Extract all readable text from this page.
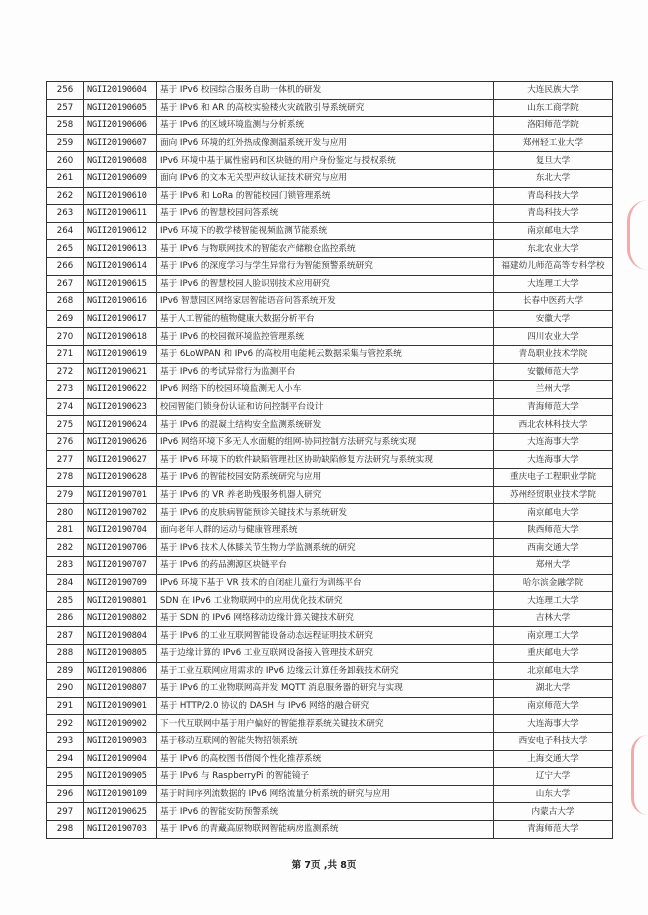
256	NGII20190604	基于 IPv6 校园综合服务自助一体机的研发	大连民族大学
257	NGII20190605	基于 IPv6 和 AR 的高校实验楼火灾疏散引导系统研究	山东工商学院
258	NGII20190606	基于 IPv6 的区域环境监测与分析系统	洛阳师范学院
259	NGII20190607	面向 IPv6 环境的红外热成像测温系统开发与应用	郑州轻工业大学
260	NGII20190608	IPv6 环境中基于属性密码和区块链的用户身份鉴定与授权系统	复旦大学
261	NGII20190609	面向 IPv6 的文本无关型声纹认证技术研究与应用	东北大学
262	NGII20190610	基于 IPv6 和 LoRa 的智能校园门锁管理系统	青岛科技大学
263	NGII20190611	基于 IPv6 的智慧校园问答系统	青岛科技大学
264	NGII20190612	IPv6 环境下的教学楼智能视频监测节能系统	南京邮电大学
265	NGII20190613	基于 IPv6 与物联网技术的智能农产储粮仓监控系统	东北农业大学
266	NGII20190614	基于 IPv6 的深度学习与学生异常行为智能预警系统研究	福建幼儿师范高等专科学校
267	NGII20190615	基于 IPv6 的智慧校园人脸识别技术应用研究	大连理工大学
268	NGII20190616	IPv6 智慧园区网络家居智能语音问答系统开发	长春中医药大学
269	NGII20190617	基于人工智能的植物健康大数据分析平台	安徽大学
270	NGII20190618	基于 IPv6 的校园微环境监控管理系统	四川农业大学
271	NGII20190619	基于 6LoWPAN 和 IPv6 的高校用电能耗云数据采集与管控系统	青岛职业技术学院
272	NGII20190621	基于 IPv6 的考试异常行为监测平台	安徽师范大学
273	NGII20190622	IPv6 网络下的校园环境监测无人小车	兰州大学
274	NGII20190623	校园智能门锁身份认证和访问控制平台设计	青海师范大学
275	NGII20190624	基于 IPv6 的混凝土结构安全监测系统研发	西北农林科技大学
276	NGII20190626	IPv6 网络环境下多无人水面艇的组网-协同控制方法研究与系统实现	大连海事大学
277	NGII20190627	基于 IPv6 环境下的软件缺陷管理社区协助缺陷修复方法研究与系统实现	大连海事大学
278	NGII20190628	基于 IPv6 的智能校园安防系统研究与应用	重庆电子工程职业学院
279	NGII20190701	基于 IPv6 的 VR 养老助残服务机器人研究	苏州经贸职业技术学院
280	NGII20190702	基于 IPv6 的皮肤病智能预诊关键技术与系统研发	南京邮电大学
281	NGII20190704	面向老年人群的运动与健康管理系统	陕西师范大学
282	NGII20190706	基于 IPv6 技术人体膝关节生物力学监测系统的研究	西南交通大学
283	NGII20190707	基于 IPv6 的药品溯源区块链平台	郑州大学
284	NGII20190709	IPv6 环境下基于 VR 技术的自闭症儿童行为训练平台	哈尔滨金融学院
285	NGII20190801	SDN 在 IPv6 工业物联网中的应用优化技术研究	大连理工大学
286	NGII20190802	基于 SDN 的 IPv6 网络移动边缘计算关键技术研究	吉林大学
287	NGII20190804	基于 IPv6 的工业互联网智能设备动态远程证明技术研究	南京理工大学
288	NGII20190805	基于边缘计算的 IPv6 工业互联网设备接入管理技术研究	重庆邮电大学
289	NGII20190806	基于工业互联网应用需求的 IPv6 边缘云计算任务卸载技术研究	北京邮电大学
290	NGII20190807	基于 IPv6 的工业物联网高并发 MQTT 消息服务器的研究与实现	湖北大学
291	NGII20190901	基于 HTTP/2.0 协议的 DASH 与 IPv6 网络的融合研究	南京师范大学
292	NGII20190902	下一代互联网中基于用户偏好的智能推荐系统关键技术研究	大连海事大学
293	NGII20190903	基于移动互联网的智能失物招领系统	西安电子科技大学
294	NGII20190904	基于 IPv6 的高校图书借阅个性化推荐系统	上海交通大学
295	NGII20190905	基于 IPv6 与 RaspberryPi 的智能镜子	辽宁大学
296	NGII20190109	基于时间序列流数据的 IPv6 网络流量分析系统的研究与应用	山东大学
297	NGII20190625	基于 IPv6 的智能安防预警系统	内蒙古大学
298	NGII20190703	基于 IPv6 的青藏高原物联网智能病房监测系统	青海师范大学
第 7页 ,共 8页
